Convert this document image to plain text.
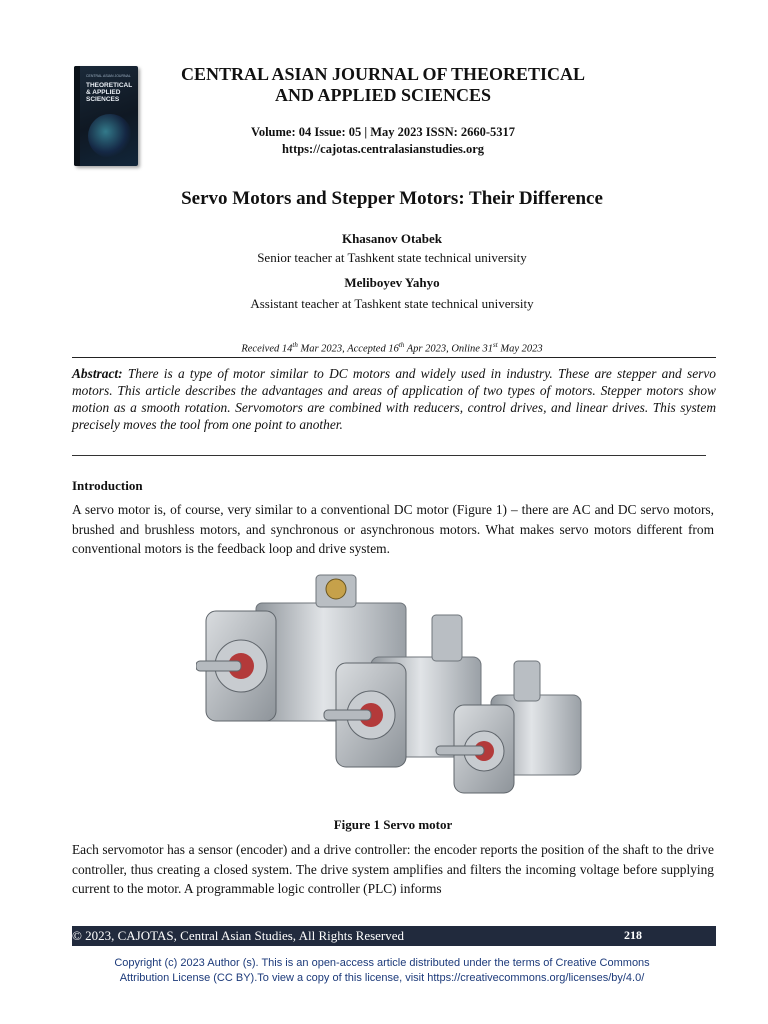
CENTRAL ASIAN JOURNAL
THEORETICAL & APPLIED SCIENCES
CENTRAL ASIAN JOURNAL OF THEORETICAL
AND APPLIED SCIENCES
Volume: 04 Issue: 05 | May 2023 ISSN: 2660-5317
https://cajotas.centralasianstudies.org
Servo Motors and Stepper Motors: Their Difference
Khasanov Otabek
Senior teacher at Tashkent state technical university
Meliboyev Yahyo
Assistant teacher at Tashkent state technical university
Received 14th Mar 2023, Accepted 16th Apr 2023, Online 31st May 2023
Abstract: There is a type of motor similar to DC motors and widely used in industry. These are stepper and servo motors. This article describes the advantages and areas of application of two types of motors. Stepper motors show motion as a smooth rotation. Servomotors are combined with reducers, control drives, and linear drives. This system precisely moves the tool from one point to another.
Introduction
A servo motor is, of course, very similar to a conventional DC motor (Figure 1) – there are AC and DC servo motors, brushed and brushless motors, and synchronous or asynchronous motors. What makes servo motors different from conventional motors is the feedback loop and drive system.
Figure 1 Servo motor
Each servomotor has a sensor (encoder) and a drive controller: the encoder reports the position of the shaft to the drive controller, thus creating a closed system. The drive system amplifies and filters the incoming voltage before supplying current to the motor. A programmable logic controller (PLC) informs
© 2023, CAJOTAS, Central Asian Studies, All Rights Reserved	218
Copyright (c) 2023 Author (s). This is an open-access article distributed under the terms of Creative Commons
Attribution License (CC BY).To view a copy of this license, visit https://creativecommons.org/licenses/by/4.0/
